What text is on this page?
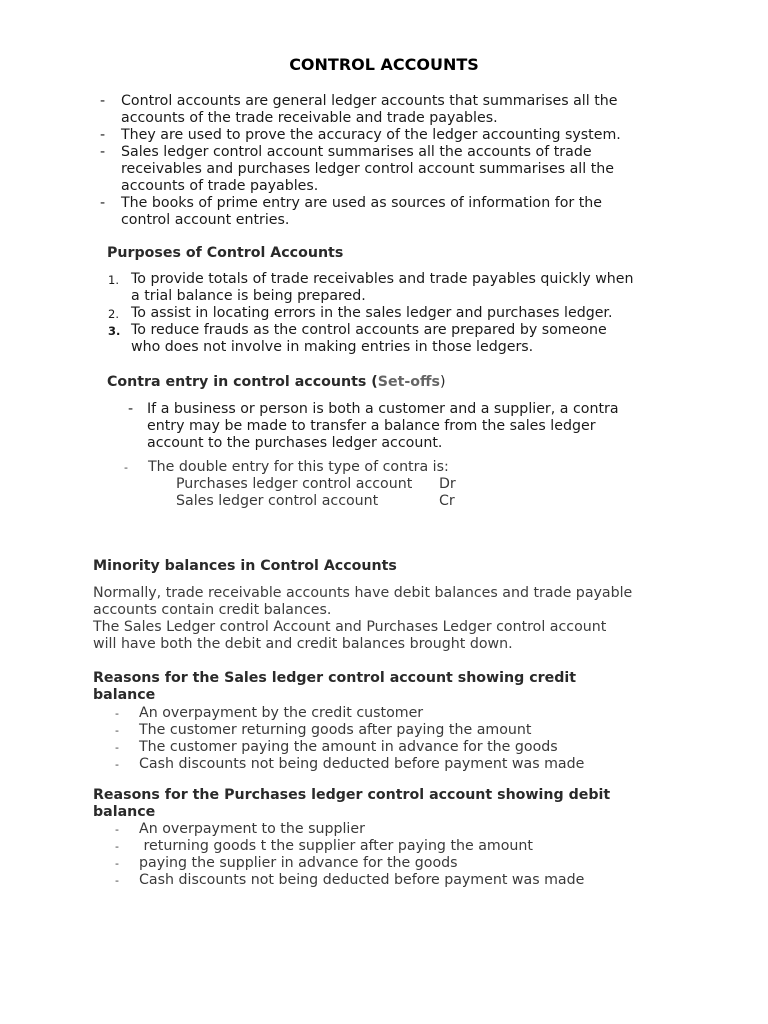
CONTROL ACCOUNTS
- Control accounts are general ledger accounts that summarises all the
accounts of the trade receivable and trade payables.
- They are used to prove the accuracy of the ledger accounting system.
- Sales ledger control account summarises all the accounts of trade
receivables and purchases ledger control account summarises all the
accounts of trade payables.
- The books of prime entry are used as sources of information for the
control account entries.
Purposes of Control Accounts
1. To provide totals of trade receivables and trade payables quickly when
a trial balance is being prepared.
2. To assist in locating errors in the sales ledger and purchases ledger.
3. To reduce frauds as the control accounts are prepared by someone
who does not involve in making entries in those ledgers.
Contra entry in control accounts (Set-offs)
- If a business or person is both a customer and a supplier, a contra
entry may be made to transfer a balance from the sales ledger
account to the purchases ledger account.
- The double entry for this type of contra is:
Purchases ledger control account Dr
Sales ledger control account	Cr
Minority balances in Control Accounts
Normally, trade receivable accounts have debit balances and trade payable
accounts contain credit balances.
The Sales Ledger control Account and Purchases Ledger control account
will have both the debit and credit balances brought down.
Reasons for the Sales ledger control account showing credit
balance
- An overpayment by the credit customer
- The customer returning goods after paying the amount
- The customer paying the amount in advance for the goods
- Cash discounts not being deducted before payment was made
Reasons for the Purchases ledger control account showing debit
balance
- An overpayment to the supplier
- returning goods t the supplier after paying the amount
- paying the supplier in advance for the goods
- Cash discounts not being deducted before payment was made
